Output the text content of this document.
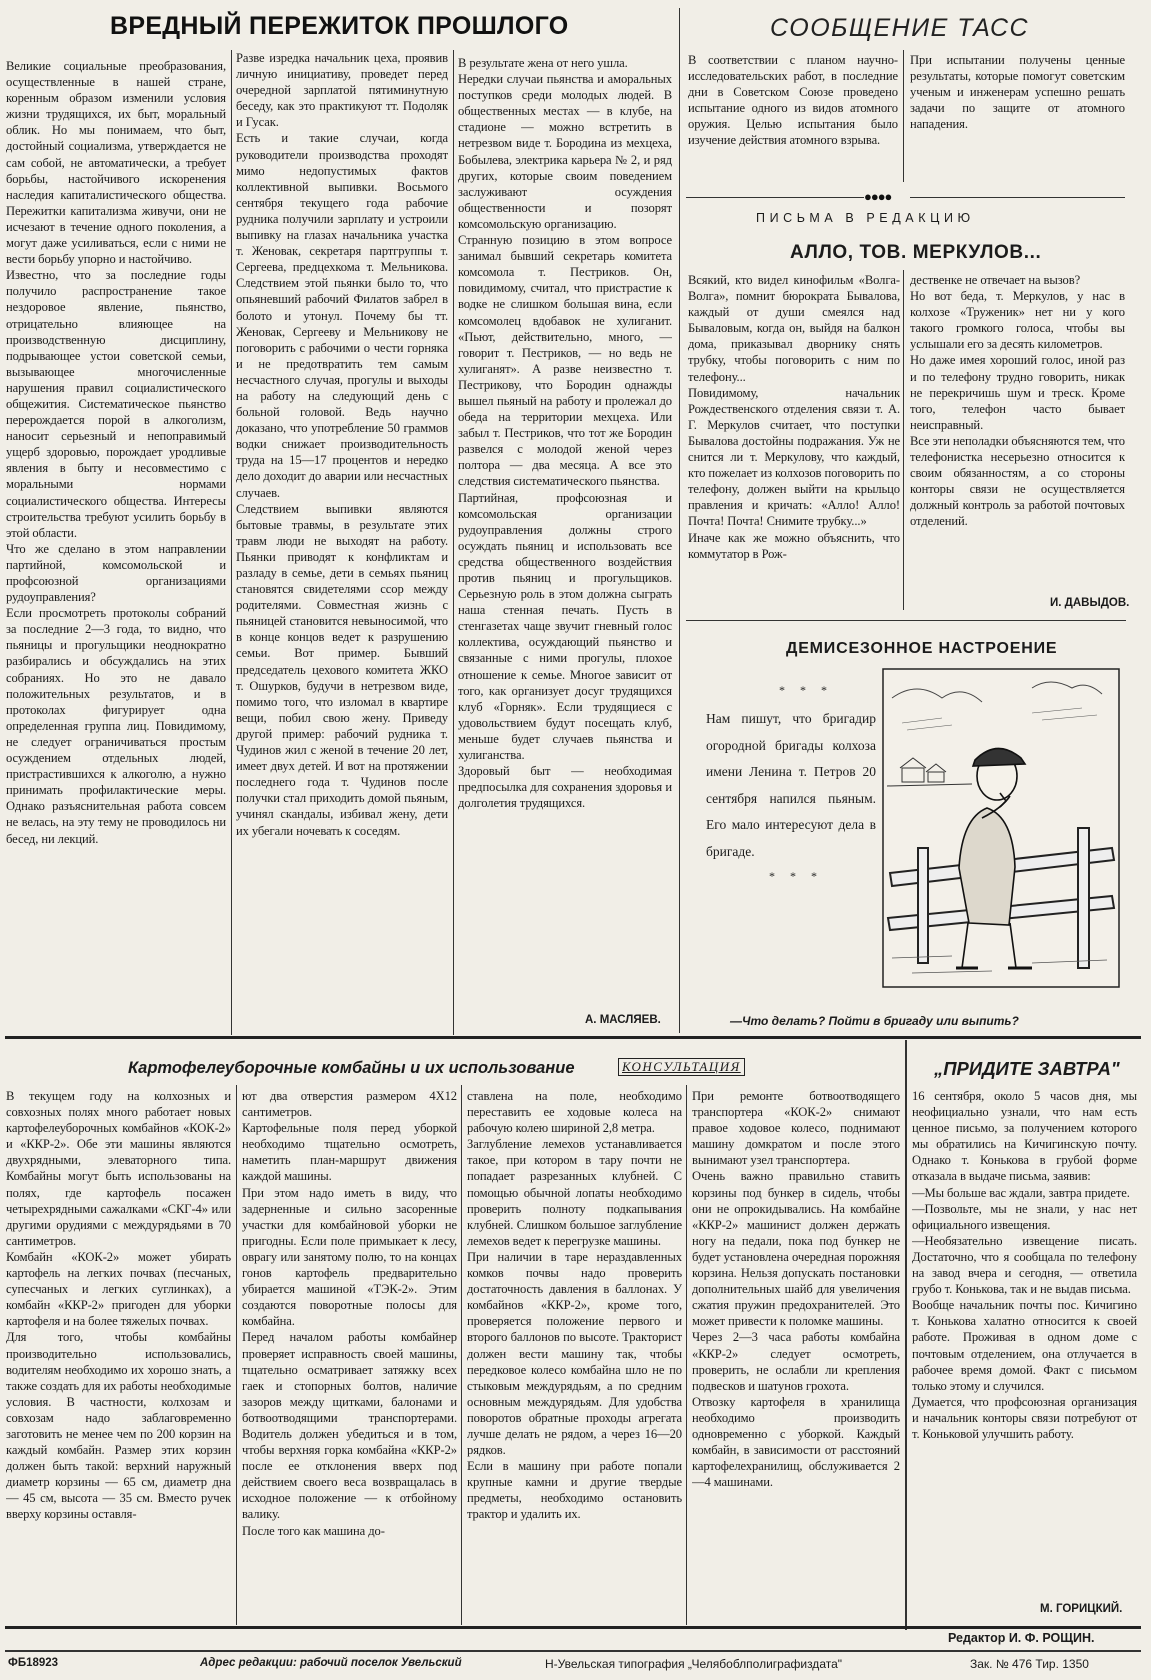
ВРЕДНЫЙ ПЕРЕЖИТОК ПРОШЛОГО
Великие социальные преобразования, осуществленные в нашей стране, коренным образом изменили условия жизни трудящихся, их быт, моральный облик. Но мы понимаем, что быт, достойный социализма, утверждается не сам собой, не автоматически, а требует борьбы, настойчивого искоренения наследия капиталистического общества. Пережитки капитализма живучи, они не исчезают в течение одного поколения, а могут даже усиливаться, если с ними не вести борьбу упорно и настойчиво.
Известно, что за последние годы получило распространение такое нездоровое явление, пьянство, отрицательно влияющее на производственную дисциплину, подрывающее устои советской семьи, вызывающее многочисленные нарушения правил социалистического общежития. Систематическое пьянство перерождается порой в алкоголизм, наносит серьезный и непоправимый ущерб здоровью, порождает уродливые явления в быту и несовместимо с моральными нормами социалистического общества. Интересы строительства требуют усилить борьбу в этой области.
Что же сделано в этом направлении партийной, комсомольской и профсоюзной организациями рудоуправления?
Если просмотреть протоколы собраний за последние 2—3 года, то видно, что пьяницы и прогульщики неоднократно разбирались и обсуждались на этих собраниях. Но это не давало положительных результатов, и в протоколах фигурирует одна определенная группа лиц. Повидимому, не следует ограничиваться простым осуждением отдельных людей, пристрастившихся к алкоголю, а нужно принимать профилактические меры. Однако разъяснительная работа совсем не велась, на эту тему не проводилось ни бесед, ни лекций.
Разве изредка начальник цеха, проявив личную инициативу, проведет перед очередной зарплатой пятиминутную беседу, как это практикуют тт. Подоляк и Гусак.
Есть и такие случаи, когда руководители производства проходят мимо недопустимых фактов коллективной выпивки. Восьмого сентября текущего года рабочие рудника получили зарплату и устроили выпивку на глазах начальника участка т. Женовак, секретаря партгруппы т. Сергеева, предцехкома т. Мельникова. Следствием этой пьянки было то, что опьяневший рабочий Филатов забрел в болото и утонул. Почему бы тт. Женовак, Сергееву и Мельникову не поговорить с рабочими о чести горняка и не предотвратить тем самым несчастного случая, прогулы и выходы на работу на следующий день с больной головой. Ведь научно доказано, что употребление 50 граммов водки снижает производительность труда на 15—17 процентов и нередко дело доходит до аварии или несчастных случаев.
Следствием выпивки являются бытовые травмы, в результате этих травм люди не выходят на работу. Пьянки приводят к конфликтам и разладу в семье, дети в семьях пьяниц становятся свидетелями ссор между родителями. Совместная жизнь с пьяницей становится невыносимой, что в конце концов ведет к разрушению семьи. Вот пример. Бывший председатель цехового комитета ЖКО т. Ошурков, будучи в нетрезвом виде, помимо того, что изломал в квартире вещи, побил свою жену. Приведу другой пример: рабочий рудника т. Чудинов жил с женой в течение 20 лет, имеет двух детей. И вот на протяжении последнего года т. Чудинов после получки стал приходить домой пьяным, учинял скандалы, избивал жену, дети их убегали ночевать к соседям.
В результате жена от него ушла.
Нередки случаи пьянства и аморальных поступков среди молодых людей. В общественных местах — в клубе, на стадионе — можно встретить в нетрезвом виде т. Бородина из мехцеха, Бобылева, электрика карьера № 2, и ряд других, которые своим поведением заслуживают осуждения общественности и позорят комсомольскую организацию.
Странную позицию в этом вопросе занимал бывший секретарь комитета комсомола т. Пестриков. Он, повидимому, считал, что пристрастие к водке не слишком большая вина, если комсомолец вдобавок не хулиганит. «Пьют, действительно, много, — говорит т. Пестриков, — но ведь не хулиганят». А разве неизвестно т. Пестрикову, что Бородин однажды вышел пьяный на работу и пролежал до обеда на территории мехцеха. Или забыл т. Пестриков, что тот же Бородин развелся с молодой женой через полтора — два месяца. А все это следствия систематического пьянства.
Партийная, профсоюзная и комсомольская организации рудоуправления должны строго осуждать пьяниц и использовать все средства общественного воздействия против пьяниц и прогульщиков. Серьезную роль в этом должна сыграть наша стенная печать. Пусть в стенгазетах чаще звучит гневный голос коллектива, осуждающий пьянство и связанные с ними прогулы, плохое отношение к семье. Многое зависит от того, как организует досуг трудящихся клуб «Горняк». Если трудящиеся с удовольствием будут посещать клуб, меньше будет случаев пьянства и хулиганства.
Здоровый быт — необходимая предпосылка для сохранения здоровья и долголетия трудящихся.
А. МАСЛЯЕВ.
СООБЩЕНИЕ ТАСС
В соответствии с планом научно-исследовательских работ, в последние дни в Советском Союзе проведено испытание одного из видов атомного оружия. Целью испытания было изучение действия атомного взрыва.
При испытании получены ценные результаты, которые помогут советским ученым и инженерам успешно решать задачи по защите от атомного нападения.
●●●●
ПИСЬМА В РЕДАКЦИЮ
АЛЛО, ТОВ. МЕРКУЛОВ...
Всякий, кто видел кинофильм «Волга-Волга», помнит бюрократа Бывалова, каждый от души смеялся над Бываловым, когда он, выйдя на балкон дома, приказывал дворнику снять трубку, чтобы поговорить с ним по телефону...
Повидимому, начальник Рождественского отделения связи т. А. Г. Меркулов считает, что поступки Бывалова достойны подражания. Уж не снится ли т. Меркулову, что каждый, кто пожелает из колхозов поговорить по телефону, должен выйти на крыльцо правления и кричать: «Алло! Алло! Почта! Почта! Снимите трубку...»
Иначе как же можно объяснить, что коммутатор в Рож-
дественке не отвечает на вызов?
Но вот беда, т. Меркулов, у нас в колхозе «Труженик» нет ни у кого такого громкого голоса, чтобы вы услышали его за десять километров.
Но даже имея хороший голос, иной раз и по телефону трудно говорить, никак не перекричишь шум и треск. Кроме того, телефон часто бывает неисправный.
Все эти неполадки объясняются тем, что телефонистка несерьезно относится к своим обязанностям, а со стороны конторы связи не осуществляется должный контроль за работой почтовых отделений.
И. ДАВЫДОВ.
ДЕМИСЕЗОННОЕ НАСТРОЕНИЕ
* * *
Нам пишут, что бригадир огородной бригады колхоза имени Ленина т. Петров 20 сентября напился пьяным. Его мало интересуют дела в бригаде.
* * *
—Что делать? Пойти в бригаду или выпить?
Картофелеуборочные комбайны и их использование	КОНСУЛЬТАЦИЯ
В текущем году на колхозных и совхозных полях много работает новых картофелеуборочных комбайнов «КОК-2» и «ККР-2». Обе эти машины являются двухрядными, элеваторного типа. Комбайны могут быть использованы на полях, где картофель посажен четырехрядными сажалками «СКГ-4» или другими орудиями с междурядьями в 70 сантиметров.
Комбайн «КОК-2» может убирать картофель на легких почвах (песчаных, супесчаных и легких суглинках), а комбайн «ККР-2» пригоден для уборки картофеля и на более тяжелых почвах.
Для того, чтобы комбайны производительно использовались, водителям необходимо их хорошо знать, а также создать для их работы необходимые условия. В частности, колхозам и совхозам надо заблаговременно заготовить не менее чем по 200 корзин на каждый комбайн. Размер этих корзин должен быть такой: верхний наружный диаметр корзины — 65 см, диаметр дна — 45 см, высота — 35 см. Вместо ручек вверху корзины оставля-
ют два отверстия размером 4Х12 сантиметров.
Картофельные поля перед уборкой необходимо тщательно осмотреть, наметить план-маршрут движения каждой машины.
При этом надо иметь в виду, что задерненные и сильно засоренные участки для комбайновой уборки не пригодны. Если поле примыкает к лесу, оврагу или занятому полю, то на концах гонов картофель предварительно убирается машиной «ТЭК-2». Этим создаются поворотные полосы для комбайна.
Перед началом работы комбайнер проверяет исправность своей машины, тщательно осматривает затяжку всех гаек и стопорных болтов, наличие зазоров между щитками, балонами и ботвоотводящими транспортерами. Водитель должен убедиться и в том, чтобы верхняя горка комбайна «ККР-2» после ее отклонения вверх под действием своего веса возвращалась в исходное положение — к отбойному валику.
После того как машина до-
ставлена на поле, необходимо переставить ее ходовые колеса на рабочую колею шириной 2,8 метра.
Заглубление лемехов устанавливается такое, при котором в тару почти не попадает разрезанных клубней. С помощью обычной лопаты необходимо проверить полноту подкапывания клубней. Слишком большое заглубление лемехов ведет к перегрузке машины.
При наличии в таре нераздавленных комков почвы надо проверить достаточность давления в баллонах. У комбайнов «ККР-2», кроме того, проверяется положение первого и второго баллонов по высоте. Тракторист должен вести машину так, чтобы передковое колесо комбайна шло не по стыковым междурядьям, а по средним основным междурядьям. Для удобства поворотов обратные проходы агрегата лучше делать не рядом, а через 16—20 рядков.
Если в машину при работе попали крупные камни и другие твердые предметы, необходимо остановить трактор и удалить их.
При ремонте ботвоотводящего транспортера «КОК-2» снимают правое ходовое колесо, поднимают машину домкратом и после этого вынимают узел транспортера.
Очень важно правильно ставить корзины под бункер в сидель, чтобы они не опрокидывались. На комбайне «ККР-2» машинист должен держать ногу на педали, пока под бункер не будет установлена очередная порожняя корзина. Нельзя допускать постановки дополнительных шайб для увеличения сжатия пружин предохранителей. Это может привести к поломке машины.
Через 2—3 часа работы комбайна «ККР-2» следует осмотреть, проверить, не ослабли ли крепления подвесков и шатунов грохота.
Отвозку картофеля в хранилища необходимо производить одновременно с уборкой. Каждый комбайн, в зависимости от расстояний картофелехранилищ, обслуживается 2—4 машинами.
„ПРИДИТЕ ЗАВТРА"
16 сентября, около 5 часов дня, мы неофициально узнали, что нам есть ценное письмо, за получением которого мы обратились на Кичигинскую почту. Однако т. Конькова в грубой форме отказала в выдаче письма, заявив:
—Мы больше вас ждали, завтра придете.
—Позвольте, мы не знали, у нас нет официального извещения.
—Необязательно извещение писать. Достаточно, что я сообщала по телефону на завод вчера и сегодня, — ответила грубо т. Конькова, так и не выдав письма.
Вообще начальник почты пос. Кичигино т. Конькова халатно относится к своей работе. Проживая в одном доме с почтовым отделением, она отлучается в рабочее время домой. Факт с письмом только этому и случился.
Думается, что профсоюзная организация и начальник конторы связи потребуют от т. Коньковой улучшить работу.
М. ГОРИЦКИЙ.
Редактор И. Ф. РОЩИН.
ФБ18923	Адрес редакции: рабочий поселок Увельский	Н-Увельская типография „Челябоблполиграфиздата"	Зак. № 476 Тир. 1350
